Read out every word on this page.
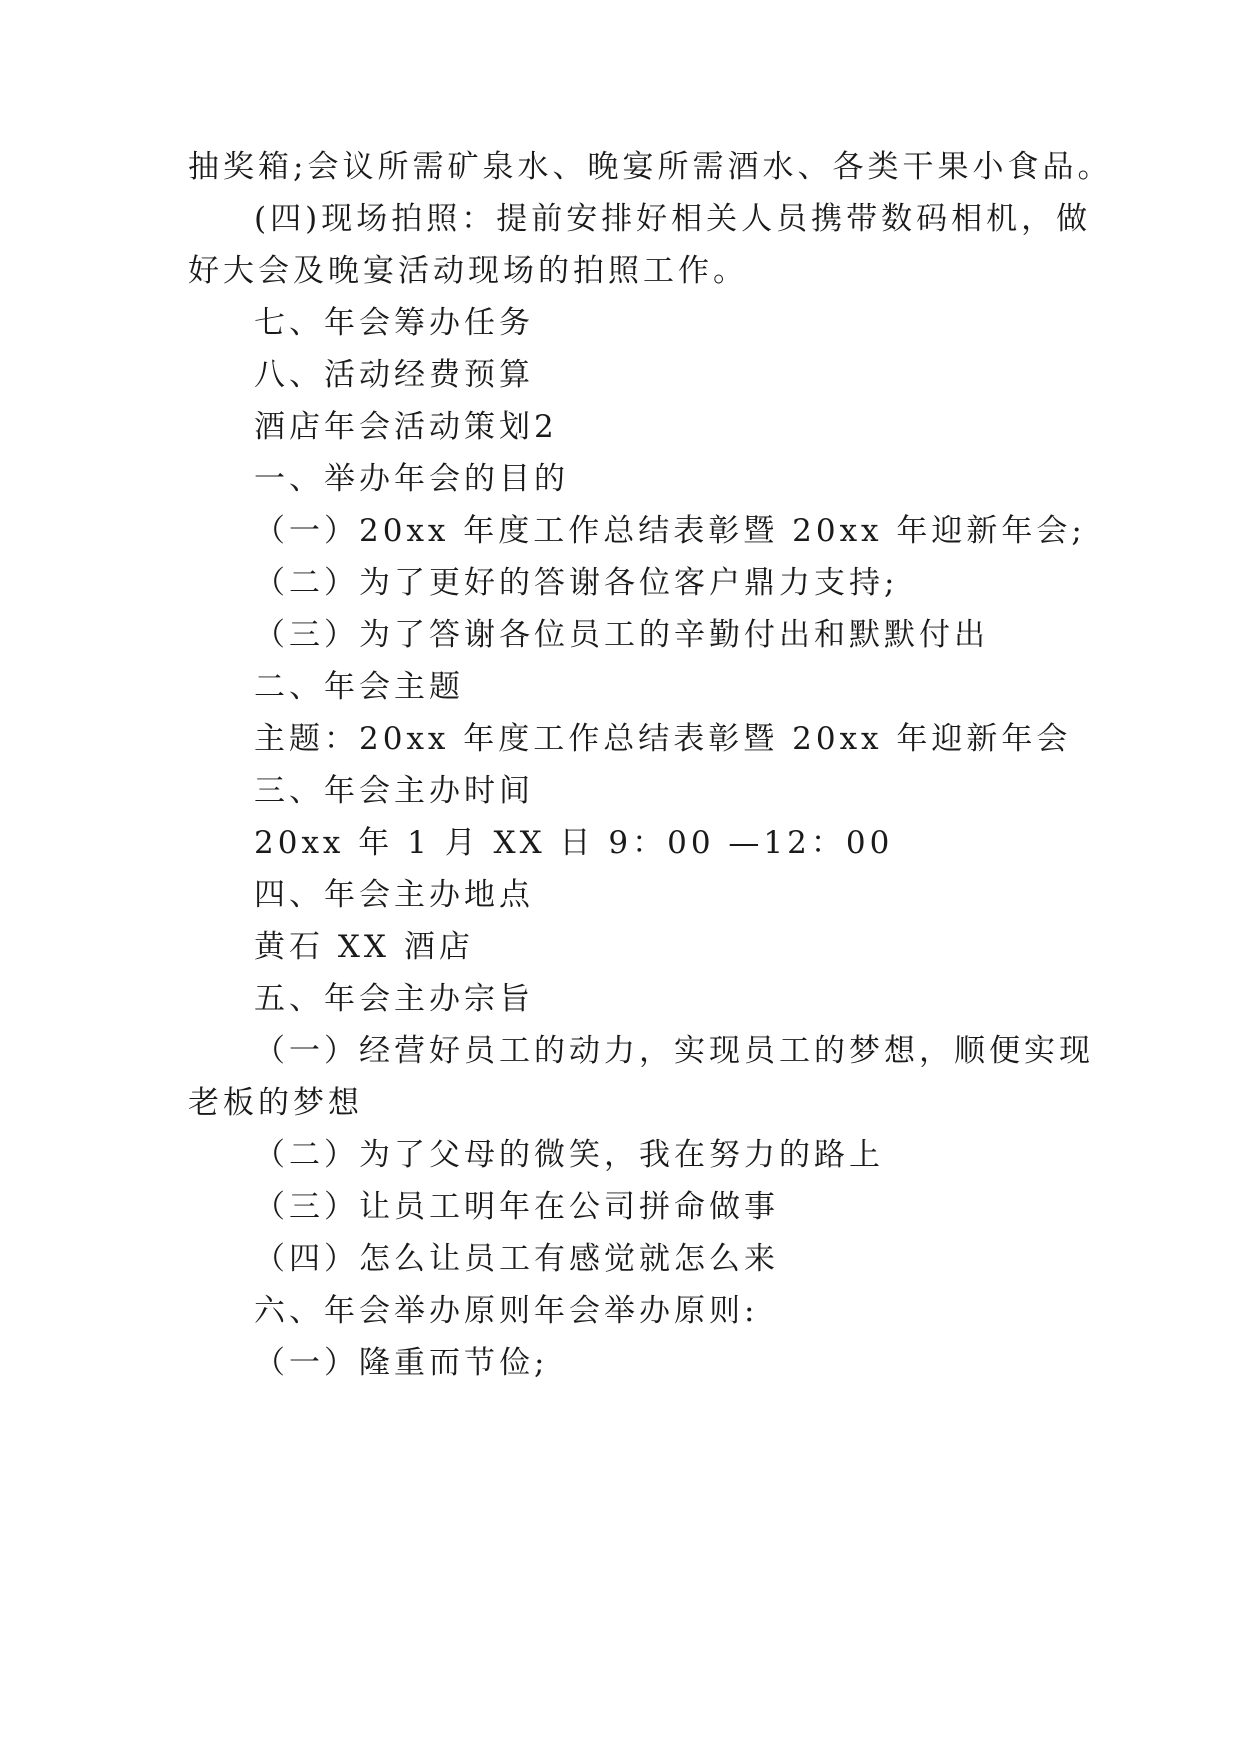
抽奖箱;会议所需矿泉水、晚宴所需酒水、各类干果小食品。
(四)现场拍照：提前安排好相关人员携带数码相机，做
好大会及晚宴活动现场的拍照工作。
七、年会筹办任务
八、活动经费预算
酒店年会活动策划2
一、举办年会的目的
（一）20xx 年度工作总结表彰暨 20xx 年迎新年会;
（二）为了更好的答谢各位客户鼎力支持;
（三）为了答谢各位员工的辛勤付出和默默付出
二、年会主题
主题：20xx 年度工作总结表彰暨 20xx 年迎新年会
三、年会主办时间
20xx 年 1 月 XX 日 9：00 —12：00
四、年会主办地点
黄石 XX 酒店
五、年会主办宗旨
（一）经营好员工的动力，实现员工的梦想，顺便实现
老板的梦想
（二）为了父母的微笑，我在努力的路上
（三）让员工明年在公司拼命做事
（四）怎么让员工有感觉就怎么来
六、年会举办原则年会举办原则:
（一）隆重而节俭;
